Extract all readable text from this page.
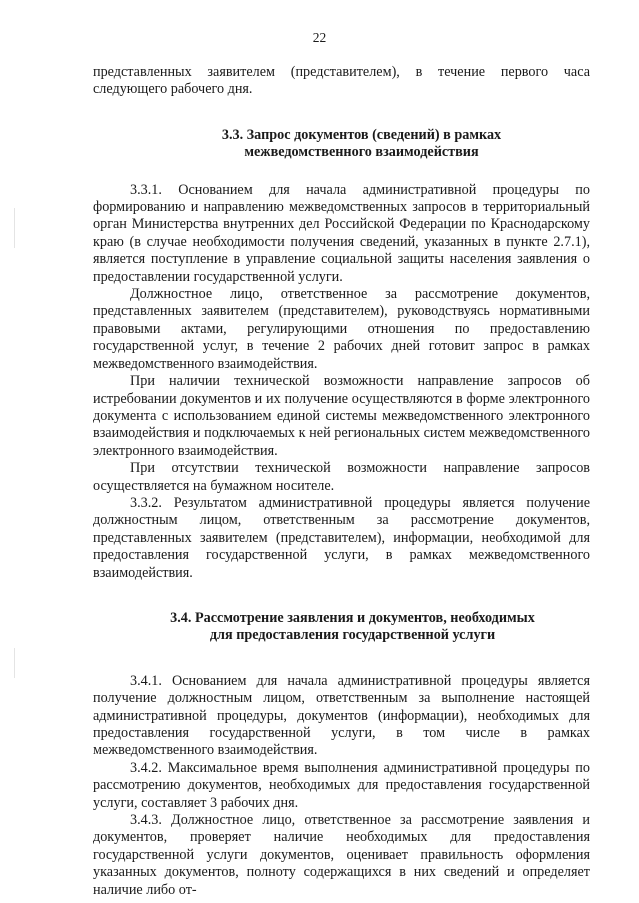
22

представленных заявителем (представителем), в течение первого часа следующего рабочего дня.

3.3. Запрос документов (сведений) в рамках
межведомственного взаимодействия

3.3.1. Основанием для начала административной процедуры по формированию и направлению межведомственных запросов в территориальный орган Министерства внутренних дел Российской Федерации по Краснодарскому краю (в случае необходимости получения сведений, указанных в пункте 2.7.1), является поступление в управление социальной защиты населения заявления о предоставлении государственной услуги.

Должностное лицо, ответственное за рассмотрение документов, представленных заявителем (представителем), руководствуясь нормативными правовыми актами, регулирующими отношения по предоставлению государственной услуг, в течение 2 рабочих дней готовит запрос в рамках межведомственного взаимодействия.

При наличии технической возможности направление запросов об истребовании документов и их получение осуществляются в форме электронного документа с использованием единой системы межведомственного электронного взаимодействия и подключаемых к ней региональных систем межведомственного электронного взаимодействия.

При отсутствии технической возможности направление запросов осуществляется на бумажном носителе.

3.3.2. Результатом административной процедуры является получение должностным лицом, ответственным за рассмотрение документов, представленных заявителем (представителем), информации, необходимой для предоставления государственной услуги, в рамках межведомственного взаимодействия.

3.4. Рассмотрение заявления и документов, необходимых
для предоставления государственной услуги

3.4.1. Основанием для начала административной процедуры является получение должностным лицом, ответственным за выполнение настоящей административной процедуры, документов (информации), необходимых для предоставления государственной услуги, в том числе в рамках межведомственного взаимодействия.

3.4.2. Максимальное время выполнения административной процедуры по рассмотрению документов, необходимых для предоставления государственной услуги, составляет 3 рабочих дня.

3.4.3. Должностное лицо, ответственное за рассмотрение заявления и документов, проверяет наличие необходимых для предоставления государственной услуги документов, оценивает правильность оформления указанных документов, полноту содержащихся в них сведений и определяет наличие либо от-
